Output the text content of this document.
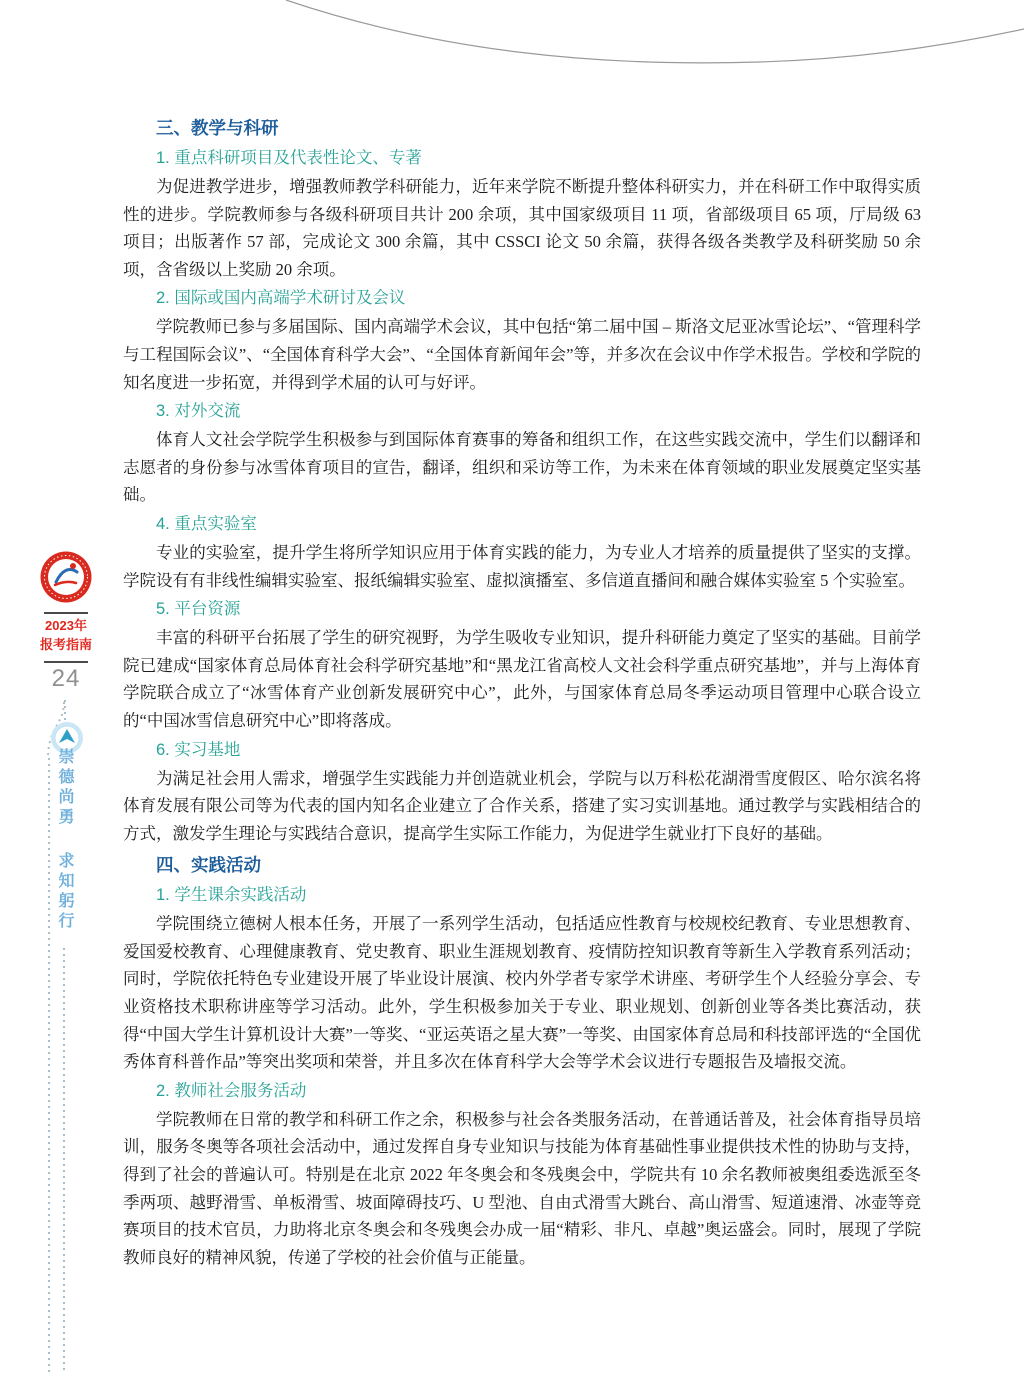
2023年
报考指南
24
崇德尚勇
求知躬行
三、教学与科研
1. 重点科研项目及代表性论文、专著

为促进教学进步，增强教师教学科研能力，近年来学院不断提升整体科研实力，并在科研工作中取得实质性的进步。学院教师参与各级科研项目共计 200 余项，其中国家级项目 11 项，省部级项目 65 项，厅局级 63 项目；出版著作 57 部，完成论文 300 余篇，其中 CSSCI 论文 50 余篇，获得各级各类教学及科研奖励 50 余项，含省级以上奖励 20 余项。

2. 国际或国内高端学术研讨及会议

学院教师已参与多届国际、国内高端学术会议，其中包括“第二届中国 – 斯洛文尼亚冰雪论坛”、“管理科学与工程国际会议”、“全国体育科学大会”、“全国体育新闻年会”等，并多次在会议中作学术报告。学校和学院的知名度进一步拓宽，并得到学术届的认可与好评。

3. 对外交流

体育人文社会学院学生积极参与到国际体育赛事的筹备和组织工作，在这些实践交流中，学生们以翻译和志愿者的身份参与冰雪体育项目的宣告，翻译，组织和采访等工作，为未来在体育领域的职业发展奠定坚实基础。

4. 重点实验室

专业的实验室，提升学生将所学知识应用于体育实践的能力，为专业人才培养的质量提供了坚实的支撑。学院设有有非线性编辑实验室、报纸编辑实验室、虚拟演播室、多信道直播间和融合媒体实验室 5 个实验室。

5. 平台资源

丰富的科研平台拓展了学生的研究视野，为学生吸收专业知识，提升科研能力奠定了坚实的基础。目前学院已建成“国家体育总局体育社会科学研究基地”和“黑龙江省高校人文社会科学重点研究基地”，并与上海体育学院联合成立了“冰雪体育产业创新发展研究中心”，此外，与国家体育总局冬季运动项目管理中心联合设立的“中国冰雪信息研究中心”即将落成。

6. 实习基地

为满足社会用人需求，增强学生实践能力并创造就业机会，学院与以万科松花湖滑雪度假区、哈尔滨名将体育发展有限公司等为代表的国内知名企业建立了合作关系，搭建了实习实训基地。通过教学与实践相结合的方式，激发学生理论与实践结合意识，提高学生实际工作能力，为促进学生就业打下良好的基础。

四、实践活动
1. 学生课余实践活动

学院围绕立德树人根本任务，开展了一系列学生活动，包括适应性教育与校规校纪教育、专业思想教育、爱国爱校教育、心理健康教育、党史教育、职业生涯规划教育、疫情防控知识教育等新生入学教育系列活动；同时，学院依托特色专业建设开展了毕业设计展演、校内外学者专家学术讲座、考研学生个人经验分享会、专业资格技术职称讲座等学习活动。此外，学生积极参加关于专业、职业规划、创新创业等各类比赛活动，获得“中国大学生计算机设计大赛”一等奖、“亚运英语之星大赛”一等奖、由国家体育总局和科技部评选的“全国优秀体育科普作品”等突出奖项和荣誉，并且多次在体育科学大会等学术会议进行专题报告及墙报交流。

2. 教师社会服务活动

学院教师在日常的教学和科研工作之余，积极参与社会各类服务活动，在普通话普及，社会体育指导员培训，服务冬奥等各项社会活动中，通过发挥自身专业知识与技能为体育基础性事业提供技术性的协助与支持，得到了社会的普遍认可。特别是在北京 2022 年冬奥会和冬残奥会中，学院共有 10 余名教师被奥组委选派至冬季两项、越野滑雪、单板滑雪、坡面障碍技巧、U 型池、自由式滑雪大跳台、高山滑雪、短道速滑、冰壶等竞赛项目的技术官员，力助将北京冬奥会和冬残奥会办成一届“精彩、非凡、卓越”奥运盛会。同时，展现了学院教师良好的精神风貌，传递了学校的社会价值与正能量。
